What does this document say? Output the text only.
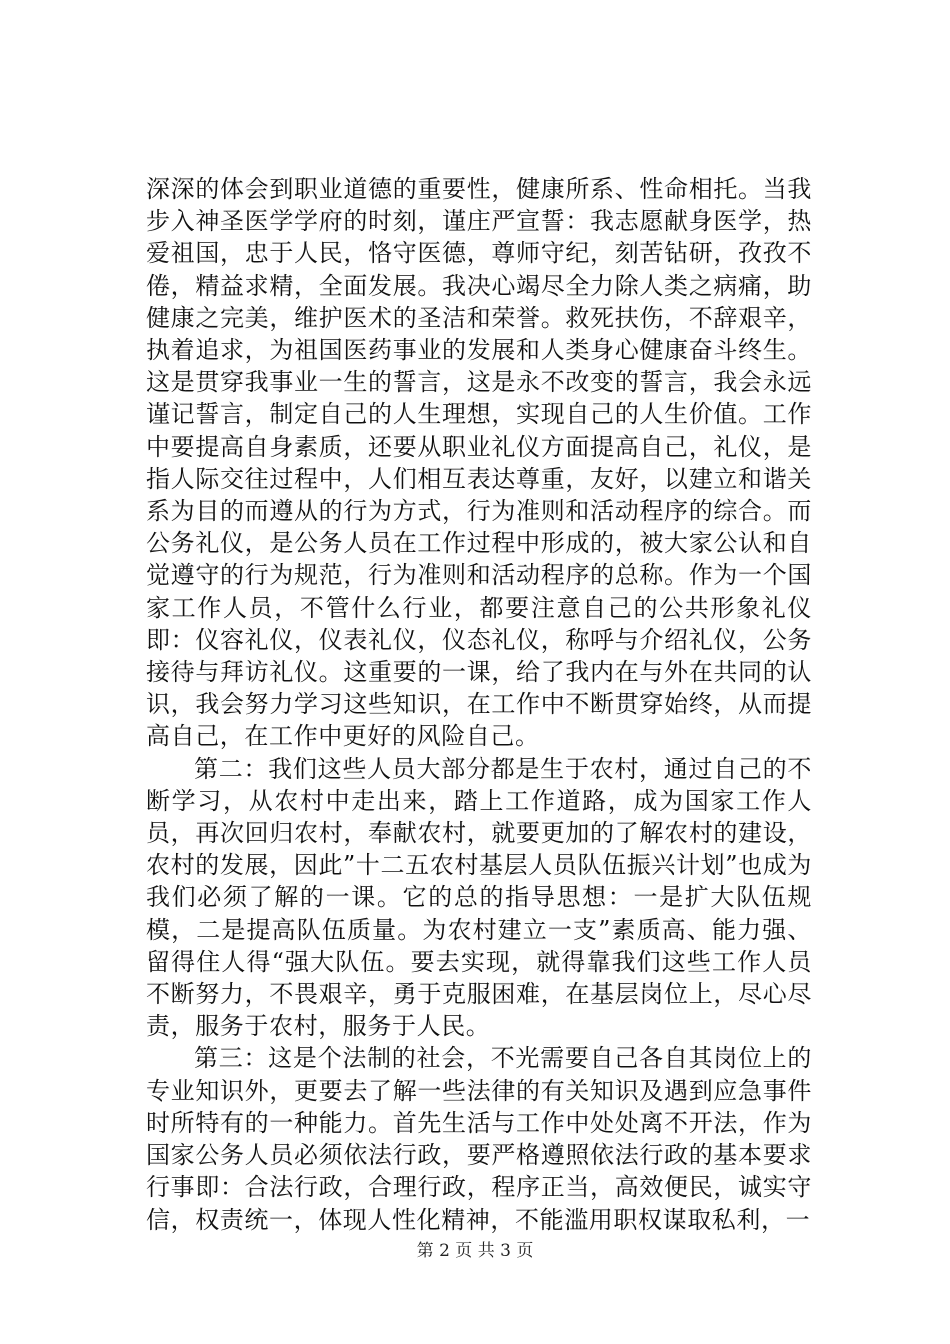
深深的体会到职业道德的重要性，健康所系、性命相托。当我步入神圣医学学府的时刻，谨庄严宣誓：我志愿献身医学，热爱祖国，忠于人民，恪守医德，尊师守纪，刻苦钻研，孜孜不倦，精益求精，全面发展。我决心竭尽全力除人类之病痛，助健康之完美，维护医术的圣洁和荣誉。救死扶伤，不辞艰辛，执着追求，为祖国医药事业的发展和人类身心健康奋斗终生。这是贯穿我事业一生的誓言，这是永不改变的誓言，我会永远谨记誓言，制定自己的人生理想，实现自己的人生价值。工作中要提高自身素质，还要从职业礼仪方面提高自己，礼仪，是指人际交往过程中，人们相互表达尊重，友好，以建立和谐关系为目的而遵从的行为方式，行为准则和活动程序的综合。而公务礼仪，是公务人员在工作过程中形成的，被大家公认和自觉遵守的行为规范，行为准则和活动程序的总称。作为一个国家工作人员，不管什么行业，都要注意自己的公共形象礼仪即：仪容礼仪，仪表礼仪，仪态礼仪，称呼与介绍礼仪，公务接待与拜访礼仪。这重要的一课，给了我内在与外在共同的认识，我会努力学习这些知识，在工作中不断贯穿始终，从而提高自己，在工作中更好的风险自己。

第二：我们这些人员大部分都是生于农村，通过自己的不断学习，从农村中走出来，踏上工作道路，成为国家工作人员，再次回归农村，奉献农村，就要更加的了解农村的建设，农村的发展，因此”十二五农村基层人员队伍振兴计划”也成为我们必须了解的一课。它的总的指导思想：一是扩大队伍规模，二是提高队伍质量。为农村建立一支”素质高、能力强、留得住人得“强大队伍。要去实现，就得靠我们这些工作人员不断努力，不畏艰辛，勇于克服困难，在基层岗位上，尽心尽责，服务于农村，服务于人民。

第三：这是个法制的社会，不光需要自己各自其岗位上的专业知识外，更要去了解一些法律的有关知识及遇到应急事件时所特有的一种能力。首先生活与工作中处处离不开法，作为国家公务人员必须依法行政，要严格遵照依法行政的基本要求行事即：合法行政，合理行政，程序正当，高效便民，诚实守信，权责统一，体现人性化精神，不能滥用职权谋取私利，一

第 2 页 共 3 页
